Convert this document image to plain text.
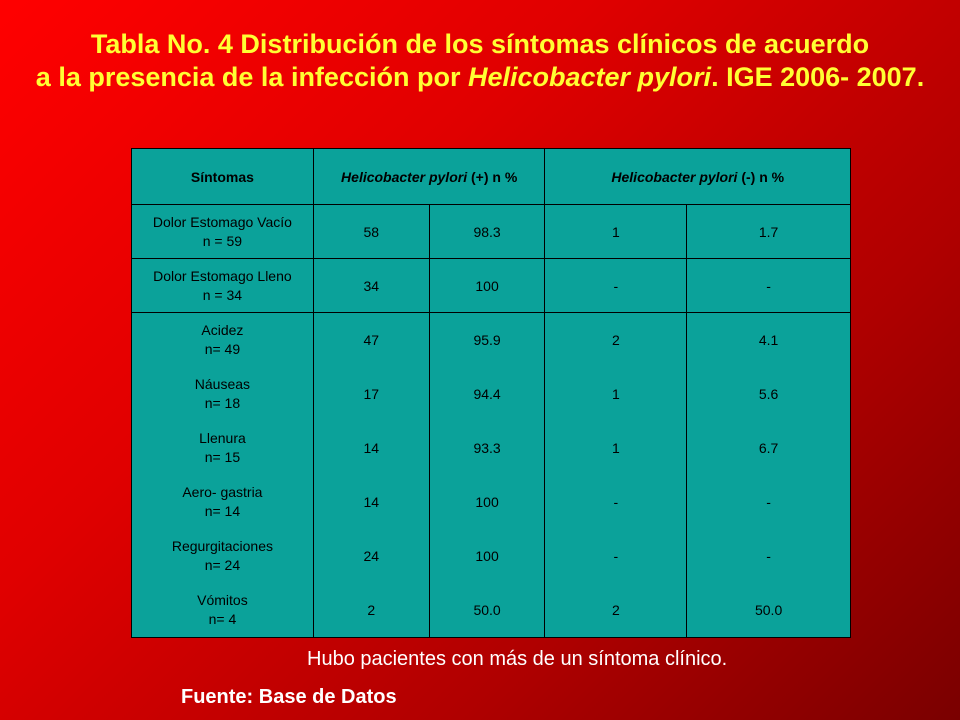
Tabla No. 4 Distribución de los síntomas clínicos de acuerdo
a la presencia de la infección por Helicobacter pylori. IGE 2006- 2007.
Síntomas	Helicobacter pylori (+) n %		Helicobacter pylori (-) n %	

Dolor Estomago Vacío
n = 59	58	98.3	1	1.7

Dolor Estomago Lleno
n = 34	34	100	-	-

Acidez
n= 49	47	95.9	2	4.1

Náuseas
n= 18	17	94.4	1	5.6

Llenura
n= 15	14	93.3	1	6.7

Aero- gastria
n= 14	14	100	-	-

Regurgitaciones
n= 24	24	100	-	-

Vómitos
n= 4	2	50.0	2	50.0
Hubo pacientes con más de un síntoma clínico.
Fuente: Base de Datos
